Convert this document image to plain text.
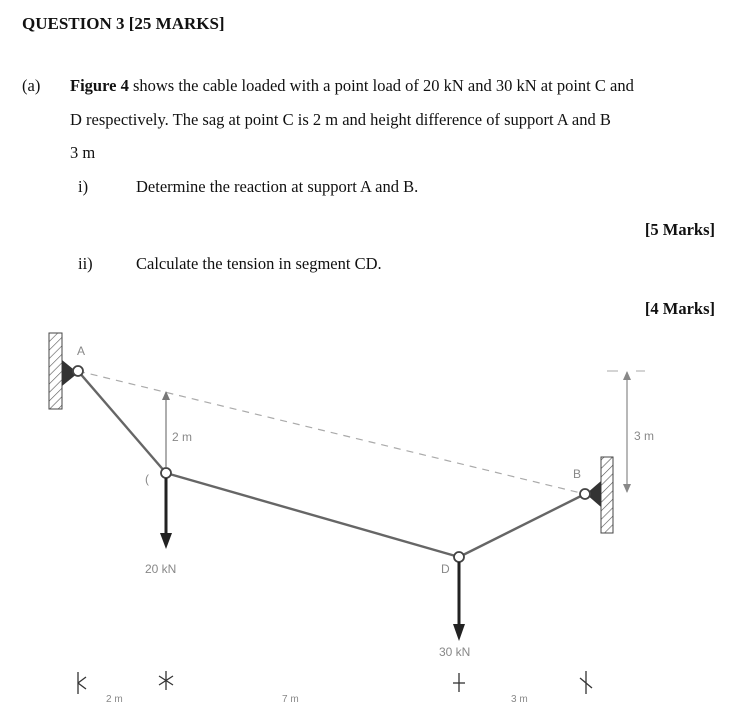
QUESTION 3 [25 MARKS]
(a) Figure 4 shows the cable loaded with a point load of 20 kN and 30 kN at point C and
D respectively. The sag at point C is 2 m and height difference of support A and B
3 m
i)	Determine the reaction at support A and B.
[5 Marks]
ii)	Calculate the tension in segment CD.
[4 Marks]
A
B
(
D
2 m	3 m
20 kN
30 kN
2 m	7 m	3 m
